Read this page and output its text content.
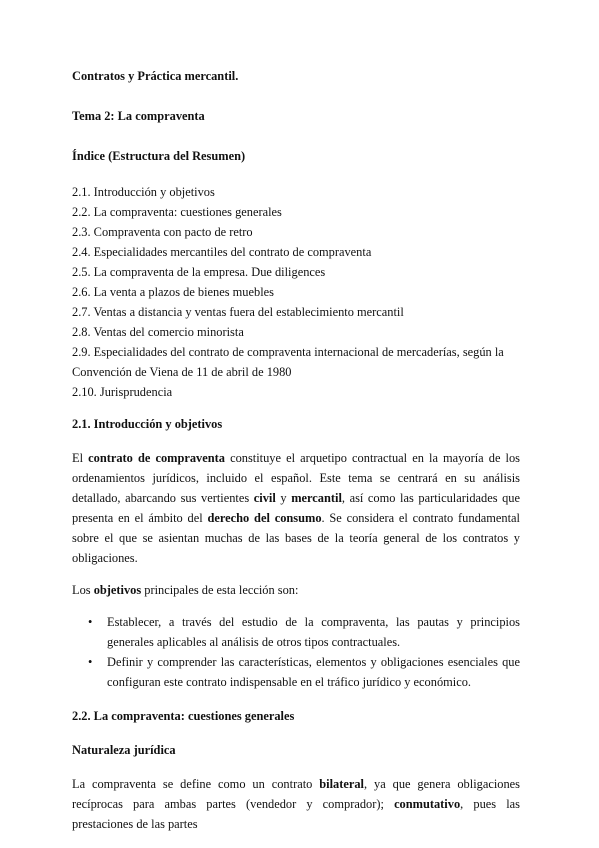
Contratos y Práctica mercantil.

Tema 2: La compraventa

Índice (Estructura del Resumen)

2.1. Introducción y objetivos
2.2. La compraventa: cuestiones generales
2.3. Compraventa con pacto de retro
2.4. Especialidades mercantiles del contrato de compraventa
2.5. La compraventa de la empresa. Due diligences
2.6. La venta a plazos de bienes muebles
2.7. Ventas a distancia y ventas fuera del establecimiento mercantil
2.8. Ventas del comercio minorista
2.9. Especialidades del contrato de compraventa internacional de mercaderías, según la Convención de Viena de 11 de abril de 1980
2.10. Jurisprudencia

2.1. Introducción y objetivos

El contrato de compraventa constituye el arquetipo contractual en la mayoría de los ordenamientos jurídicos, incluido el español. Este tema se centrará en su análisis detallado, abarcando sus vertientes civil y mercantil, así como las particularidades que presenta en el ámbito del derecho del consumo. Se considera el contrato fundamental sobre el que se asientan muchas de las bases de la teoría general de los contratos y obligaciones.

Los objetivos principales de esta lección son:

• Establecer, a través del estudio de la compraventa, las pautas y principios generales aplicables al análisis de otros tipos contractuales.
• Definir y comprender las características, elementos y obligaciones esenciales que configuran este contrato indispensable en el tráfico jurídico y económico.

2.2. La compraventa: cuestiones generales

Naturaleza jurídica

La compraventa se define como un contrato bilateral, ya que genera obligaciones recíprocas para ambas partes (vendedor y comprador); conmutativo, pues las prestaciones de las partes
